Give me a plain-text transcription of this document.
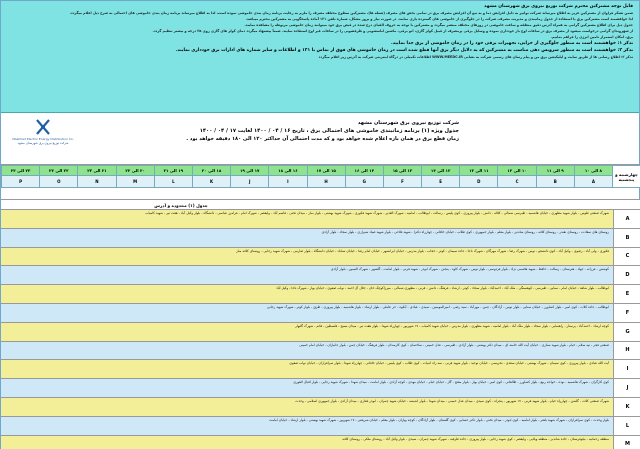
قابل توجه مشترکین محترم شرکت توزیع نیروی برق شهرستان مشهد

ضمن تشکر فراوان از مشترکین عزیز به اطلاع میرساند شرکت توانیر به دلیل افزایش دما و به تبع آن افزایش مصرف برق در تمامی بخش های مصرف (شعله ها)، مشترکین سطوح مختلف مصرف را ملزم به رعایت برنامه زمان بندی خاموشی نموده است، لذا به اطلاع میرساند برنامه زمان بندی خاموشی های احتمالی به شرح ذیل اعلام میگردد.

لذا خواهشمند است مشترکین برق با استفاده از جدول زمانبندی و مدیریت مصرف، شرکت را در جلوگیری از خاموشی های گسترده یاری نمایند. در صورت نیاز و بروز مشکل، شماره تلفن ۱۲۱ آماده پاسخگویی به مشترکین محترم میباشد.

جدول ذیل برای اطلاع مشترکین گرامی به همراه آدرس دقیق منطقه و ساعت خاموشی در روزهای مختلف منتشر میگردد و مشترکین با توجه به حروف الفبای درج شده در قبض برق خود میتوانند زمان خاموشی مربوطه را مشاهده نمایند.

از شهروندان گرامی درخواست میشود از مصرف برق در ساعات اوج بار خودداری نموده و وسایل برقی پرمصرف از قبیل کولر گازی، اتو برقی، ماشین لباسشویی و ظرفشویی را در ساعات غیر اوج استفاده نمایند. ضمناً پیشنهاد میگردد دمای کولر های گازی روی ۲۵ درجه و بیشتر تنظیم گردد.

برق، امکان استمرار تامین انرژی را فراهم نماییم.

تذکر ۱: خواهشمند است به منظور جلوگیری از خرابی، تجهیزات برقی خود را در زمان خاموشی از برق جدا نمایید.

تذکر ۲: خواهشمند است به منظور سرویس دهی مناسب به مشترکین که به دلایل دیگر برق آنها قطع شده است در زمان خاموشی های فوق از تماس با ۱۲۱ و اطلاعات و سایر شماره های ادارات برق خودداری نمایند.

تذکر ۳: اطلاع رسانی ها از طریق سایت و اپلیکیشن برق من و پیام رسان های رسمی شرکت به نشانی WWW.MEEDC.IR اطلاعات تکمیلی در درگاه اینترنتی شرکت به آدرس زیر اعلام میگردد

Mashhad Electric Energy Distribution Co.
شرکت توزیع نیروی برق شهرستان مشهد
شرکت توزیع نیروی برق شهرستان مشهد
جدول ویژه (۱) برنامه زمانبندی خاموشی های احتمالی برق ، تاریخ ۱۶ / ۰۴ / ۱۴۰۰ لغایت ۱۷ / ۰۴ / ۱۴۰۰
زمان قطع برق در همان بازه اعلام شده خواهد بود و که مدت احتمالی آن حداکثر ۱۲۰ الی ۱۸۰ دقیقه خواهد بود .
چهارشنبه و پنجشنبه	۸ الی ۱۰	۹ الی ۱۱	۱۰ الی ۱۲	۱۱ الی ۱۳	۱۲ الی ۱۴	۱۳ الی ۱۵	۱۴ الی ۱۶	۱۵ الی ۱۷	۱۶ الی ۱۸	۱۷ الی ۱۹	۱۸ الی ۲۰	۱۹ الی ۲۱	۲۰ الی ۲۲	۲۱ الی ۲۳	۲۲ الی ۲۴	۲۳ الی ۲۴
	A	B	C	D	E	F	G	H	I	J	K	L	M	N	O	P
جدول (۱) محدوده و آدرس
A
شهرک صنعتی طوس - بلوار شهید مطهری - خیابان هاشمیه - طبرسی شمالی - کلاله - دانش - بلوار پیروزی - کوی پلیس - رسالت - ابوطالب - امامیه - شهرک الغدیر - شهرک شهید فکوری - شهرک شهید بهشتی - بلوار نماز - میدان تختی - قاسم آباد - ولیعصر - شهرک امام - فرامرز عباسی - دانشگاه - بلوار وکیل آباد - هفت تیر - شهید کامیاب
B
روستای های سعادت - روستای نقندر - روستای کلاته - روستای شاندیز - بلوار معلم - بلوار جمهوری - کوی طلاب - خیابان خاقانی - چهارراه دکترا - شهید فلاحی - بلوار شهید صیاد شیرازی - بلوار سجاد - بلوار آزادی
C
فکوری - ولی آباد - رضوی - وکیل آباد - کوی دانشجو - توس - شهرک رضا - شهرک مهرگان - شهرک ناجا - جاده سیمان - کوثر - حجاب - بلوار مدرس - خیابان ایرانشهر - خیابان امام رضا - خیابان سناباد - خیابان دانشگاه - بلوار صارمی - شهرک شهید رجایی - روستای کلاته منار
D
کوشش - فرزانه - جهاد - هنرستان - رسالت - حافظ - شهید هاشمی نژاد - بلوار فردوسی - بلوار توس - شهرک کاوه - پنجتن - شهرک ابوذر - شهید قرنی - بلوار امامت - گلشهر - شهرک التیمور - بلوار آزادی
E
ابوطالب - بلوار شاهد - خیابان امام - سنایی - طبرسی - کوهسنگی - ملک آباد - احمدآباد - بلوار سجاد - کوثر - ارشاد - فرهنگ - دانش - قرنی - مطهری شمالی - میرزاکوچک خان - جلال آل احمد - نواب صفوی - خیابان بهار - شهرک ناجا - وکیل آباد
F
ابوطالب - جاده کلات - کوی امیر - بلوار کشاورز - خیابان سنایی - بلوار توس - آزادگان - چمن - مهرآباد - سید رضی - امیرالمومنین - سیدی - عبادی - آبکوه - حر عاملی - بلوار ارشاد - بلوار هاشمیه - بلوار پیروزی - طرق - بلوار کوثر - شهرک شهید رجایی
G
کوچه ارشاد - احمدآباد - پرستار - راهنمایی - بلوار سجاد - بلوار ملک آباد - بلوار امامیه - شهید مطهری - بلوار مدرس - خیابان شهید کامیاب - ۱۷ شهریور - چهارراه شهدا - بلوار هفت تیر - میدان بسیج - فلسطین - قائم - شهرک گلبهار
H
صنعتی فجر - تپه سلام - خیام - بلوار شهید ستاری - خیابان آیت الله خامنه ای - میدان دکتر بهشتی - بلوار آزادی - طبرسی - عدل خمینی - ساختمان - کوی کارمندان - بلوار فرهنگ - خیابان چمن - بلوار جانبازان - خیابان امام خمینی
I
آیت الله عبادی - بلوار پیروزی - کوی سیمان - شهرک بهشتی - خیابان سعدی - نخریسی - خیابان توحید - بلوار شهید قرنی - سه راه ادبیات - کوی طلاب - کوی پلیس - خیابان خاقانی - چهارراه شهدا - بلوار سرافرازان - خیابان نواب صفوی
J
کوی کارگران - شهرک هاشمیه - نوده - خواجه ربیع - بلوار کشاورز - طالقانی - کوی امیر - خیابان بهار - بلوار مفتح - گاز - خیابان خیام - خیابان مهدی - کوچه آزادی - بلوار امامت - میدان شهدا - شهرک شهید رجایی - بلوار اقبال لاهوری
K
شهرک صنعتی کلات - گلشن - چهارراه خیام - بلوار شهید قرنی - ۱۷ شهریور - پنجراه - کوی سیدی - میدان عدل خمینی - میدان شهدا - بلوار اندیشه - خیابان شهید چمران - ابوذر غفاری - میدان آزادی - بلوار جمهوری اسلامی - وحدت
L
بلوار وحدت - کوی سرافرازان - شهرک شهید باهنر - بلوار امامیه - کوی ابوذر - میدان تختی - بلوار دکتر حسابی - کوی گلستان - بلوار آزادگان - کوچه بهاران - بلوار معلم - خیابان شریعتی - ۱۷ شهریور - شهرک شهید بهشتی - بلوار ارشاد - خیابان امامت
M
منطقه رحمانیه - نیلوفرستان - جاده شاندیز - منطقه ویلایی - ولیعصر - کوی شهید رجایی - بلوار پیروزی - جاده طرقبه - شهرک شهید چمران - سیدی - بلوار وکیل آباد - روستای ملکی - روستای کلاته
